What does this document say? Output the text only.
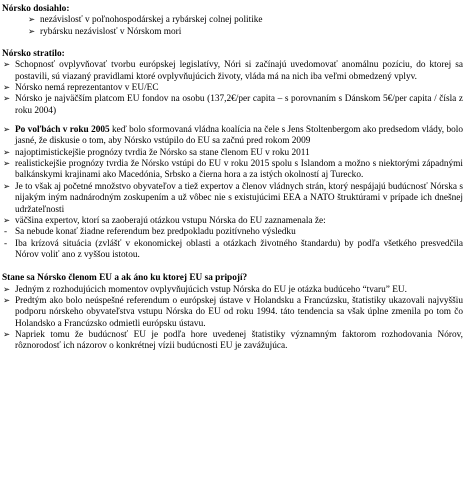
Nórsko dosiahlo:
➢ nezávislosť v poľnohospodárskej a rybárskej colnej politike
➢ rybársku nezávislosť v Nórskom mori
Nórsko stratilo:
➢ Schopnosť ovplyvňovať tvorbu európskej legislatívy, Nóri si začínajú uvedomovať anomálnu pozíciu, do ktorej sa postavili, sú viazaný pravidlami ktoré ovplyvňujúcich životy, vláda má na nich iba veľmi obmedzený vplyv.
➢ Nórsko nemá reprezentantov v EU/EC
➢ Nórsko je najväčším platcom EU fondov na osobu (137,2€/per capita – s porovnaním s Dánskom 5€/per capita / čísla z roku 2004)
➢ Po voľbách v roku 2005 keď bolo sformovaná vládna koalícia na čele s Jens Stoltenbergom ako predsedom vlády, bolo jasné, že diskusie o tom, aby Nórsko vstúpilo do EU sa začnú pred rokom 2009
➢ najoptimistickejšie prognózy tvrdia že Nórsko sa stane členom EU v roku 2011
➢ realistickejšie prognózy tvrdia že Nórsko vstúpi do EU v roku 2015 spolu s Islandom a možno s niektorými západnými balkánskymi krajinami ako Macedónia, Srbsko a čierna hora a za istých okolností aj Turecko.
➢ Je to však aj početné množstvo obyvateľov a tiež expertov a členov vládnych strán, ktorý nespájajú budúcnosť Nórska s nijakým iným nadnárodným zoskupením a už vôbec nie s existujúcimi EEA a NATO štruktúrami v prípade ich dnešnej udržateľnosti
➢ väčšina expertov, ktorí sa zaoberajú otázkou vstupu Nórska do EU zaznamenala že:
- Sa nebude konať žiadne referendum bez predpokladu pozitívneho výsledku
- Iba krízová situácia (zvlášť v ekonomickej oblasti a otázkach životného štandardu) by podľa všetkého presvedčila Nórov voliť ano z vyššou istotou.
Stane sa Nórsko členom EU a ak áno ku ktorej EU sa pripojí?
➢ Jedným z rozhodujúcich momentov ovplyvňujúcich vstup Nórska do EU je otázka budúceho “tvaru” EU.
➢ Predtým ako bolo neúspešné referendum o európskej ústave v Holandsku a Francúzsku, štatistiky ukazovali najvyššiu podporu nórskeho obyvateľstva vstupu Nórska do EU od roku 1994. táto tendencia sa však úplne zmenila po tom čo Holandsko a Francúzsko odmietli európsku ústavu.
➢ Napriek tomu že budúcnosť EU je podľa hore uvedenej štatistiky významným faktorom rozhodovania Nórov, rôznorodosť ich názorov o konkrétnej vízii budúcnosti EU je zavážujúca.
